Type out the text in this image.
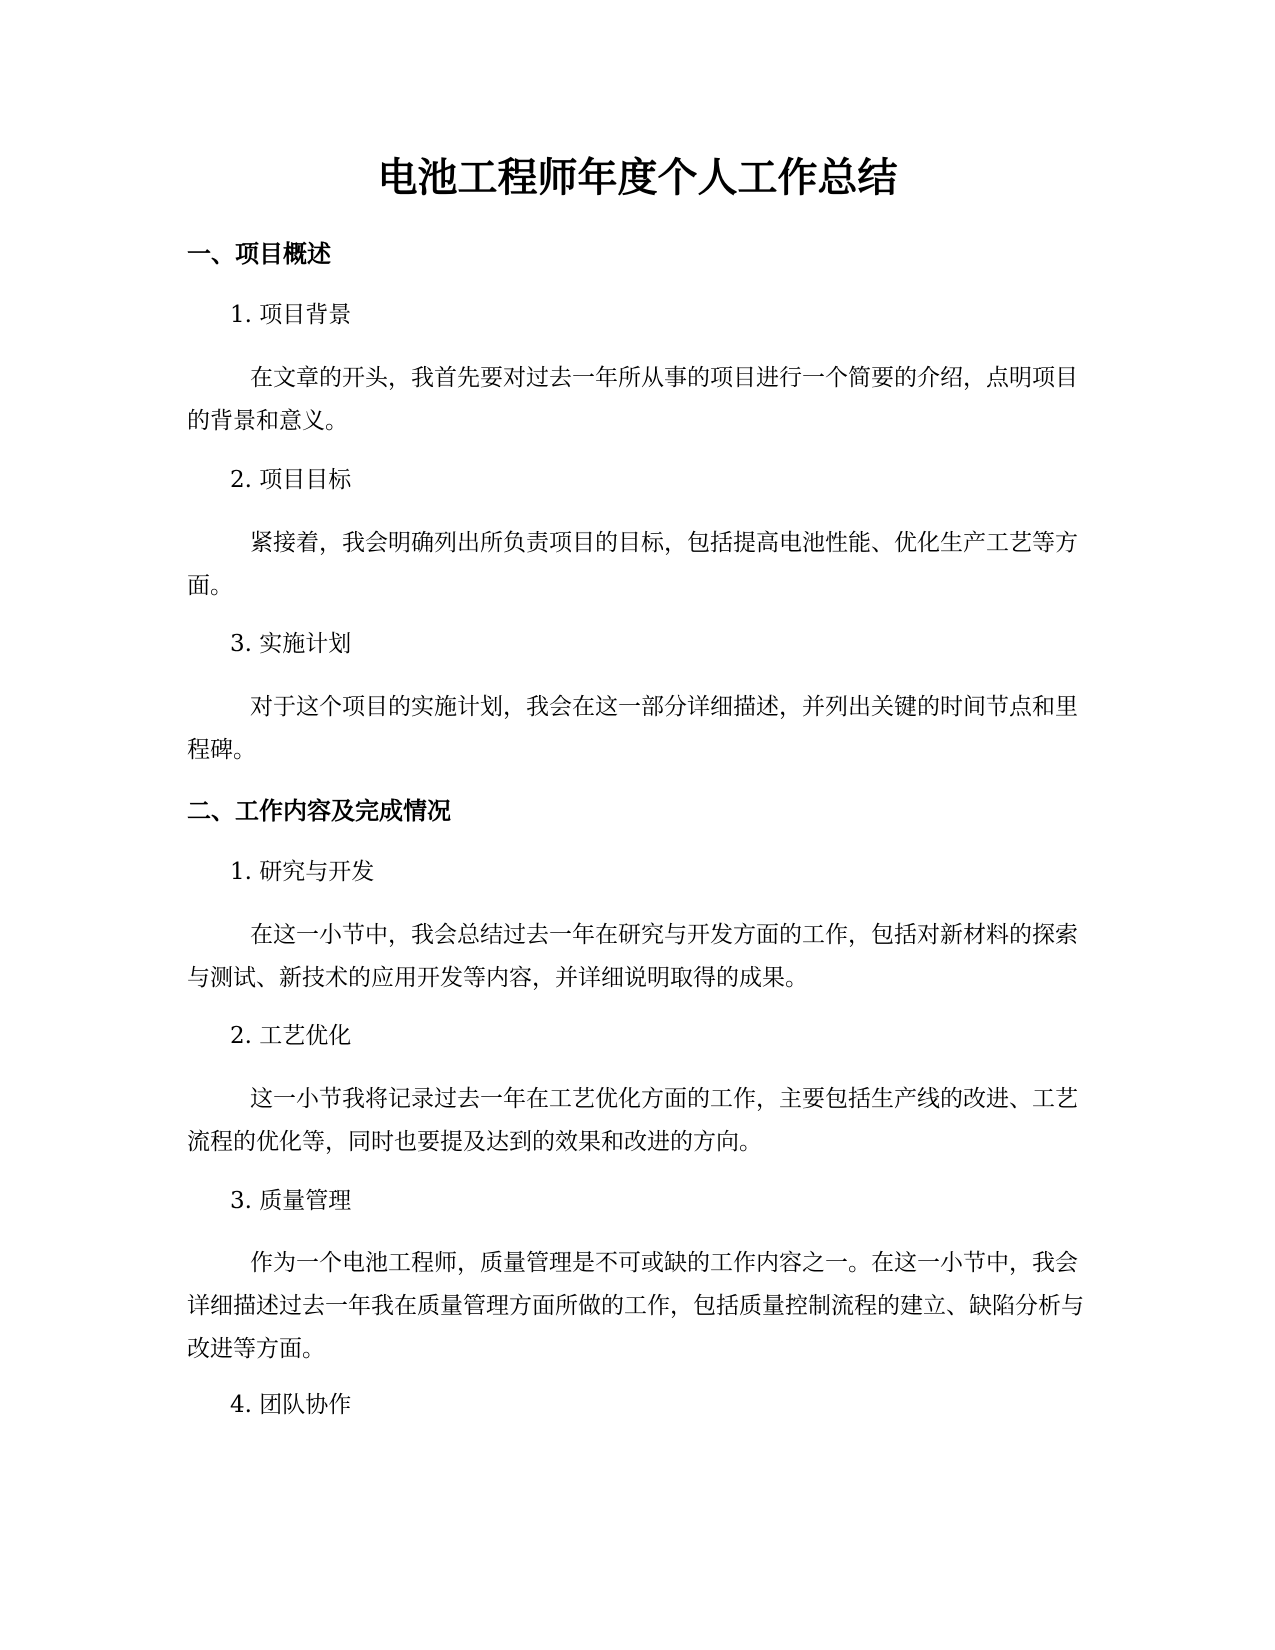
电池工程师年度个人工作总结
一、项目概述

1. 项目背景

在文章的开头，我首先要对过去一年所从事的项目进行一个简要的介绍，点明项目的背景和意义。

2. 项目目标

紧接着，我会明确列出所负责项目的目标，包括提高电池性能、优化生产工艺等方面。

3. 实施计划

对于这个项目的实施计划，我会在这一部分详细描述，并列出关键的时间节点和里程碑。

二、工作内容及完成情况

1. 研究与开发

在这一小节中，我会总结过去一年在研究与开发方面的工作，包括对新材料的探索与测试、新技术的应用开发等内容，并详细说明取得的成果。

2. 工艺优化

这一小节我将记录过去一年在工艺优化方面的工作，主要包括生产线的改进、工艺流程的优化等，同时也要提及达到的效果和改进的方向。

3. 质量管理

作为一个电池工程师，质量管理是不可或缺的工作内容之一。在这一小节中，我会详细描述过去一年我在质量管理方面所做的工作，包括质量控制流程的建立、缺陷分析与改进等方面。

4. 团队协作
